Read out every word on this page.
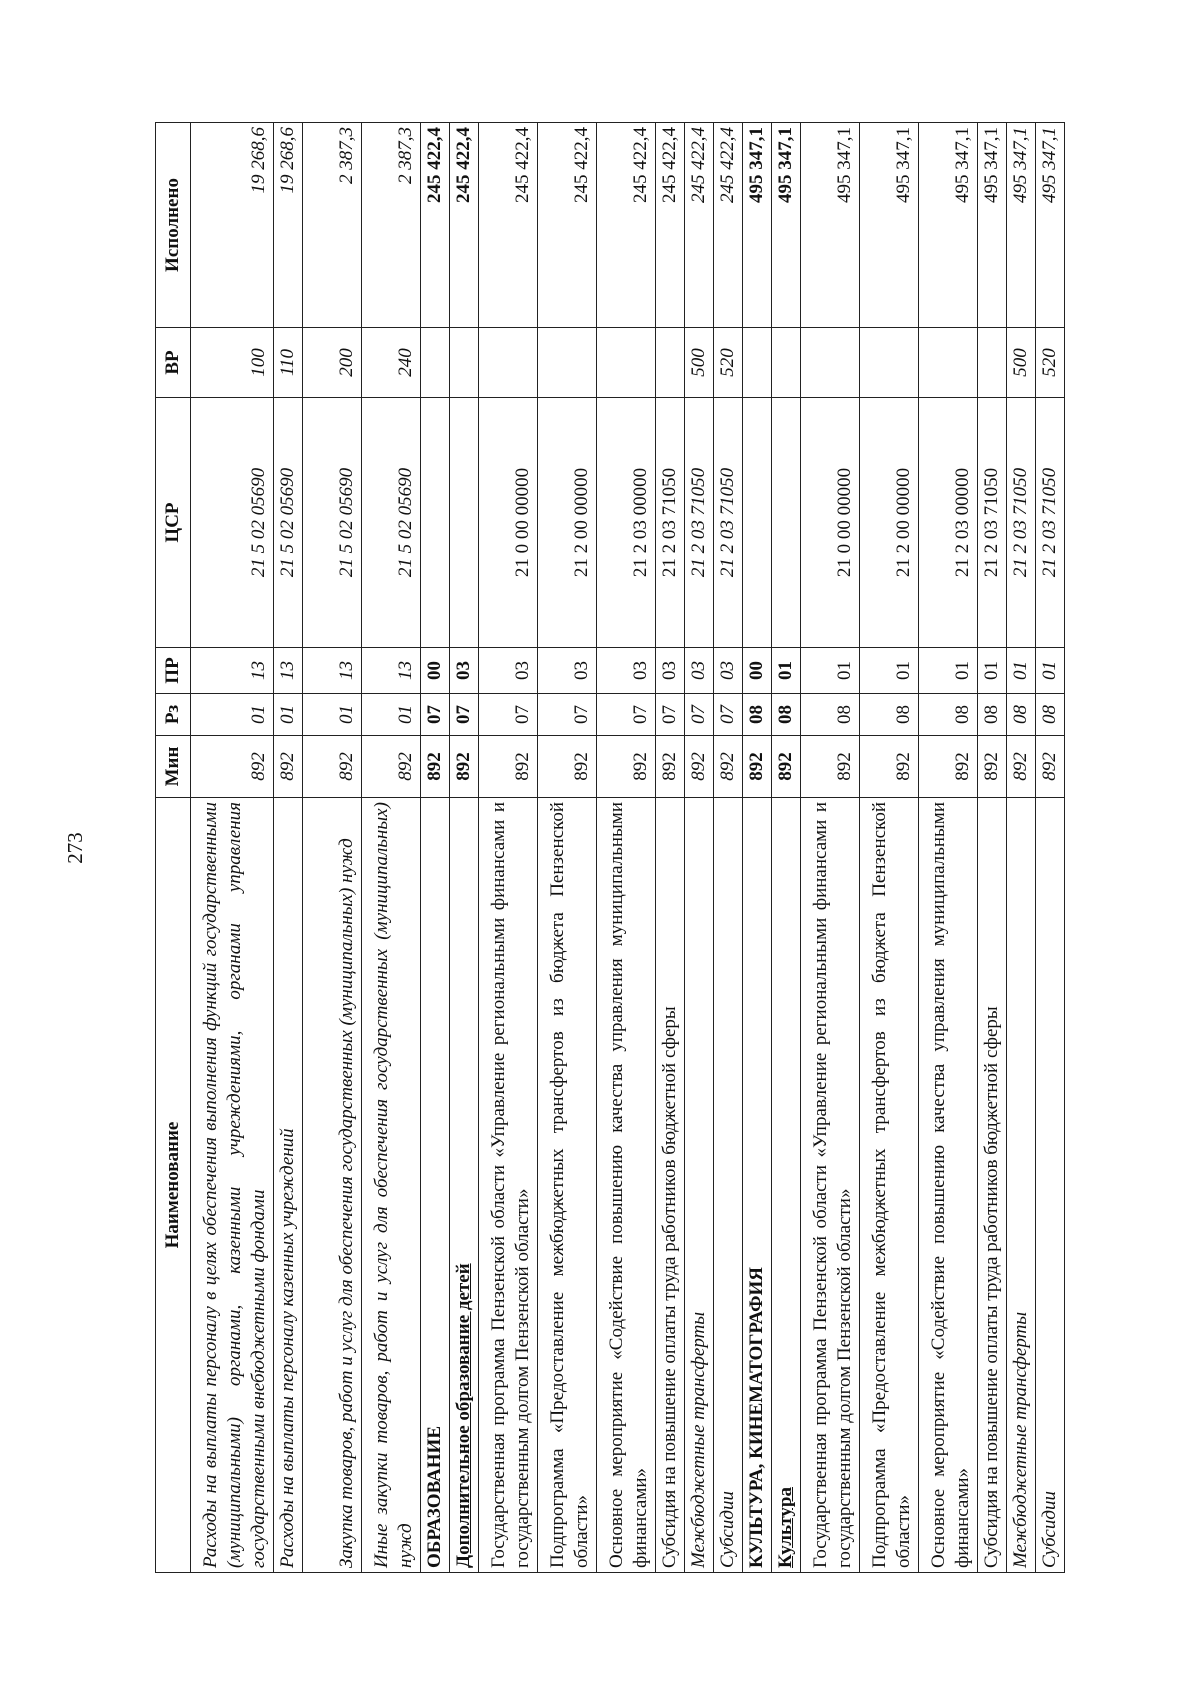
273
Наименование	Мин	Рз	ПР	ЦСР	ВР	Исполнено
Расходы на выплаты персоналу в целях обеспечения выполнения функций государственными (муниципальными) органами, казенными учреждениями, органами управления государственными внебюджетными фондами	892	01	13	21 5 02 05690	100	19 268,6
Расходы на выплаты персоналу казенных учреждений	892	01	13	21 5 02 05690	110	19 268,6
Закупка товаров, работ и услуг для обеспечения государственных (муниципальных) нужд	892	01	13	21 5 02 05690	200	2 387,3
Иные закупки товаров, работ и услуг для обеспечения государственных (муниципальных) нужд	892	01	13	21 5 02 05690	240	2 387,3
ОБРАЗОВАНИЕ	892	07	00			245 422,4
Дополнительное образование детей	892	07	03			245 422,4
Государственная программа Пензенской области «Управление региональными финансами и государственным долгом Пензенской области»	892	07	03	21 0 00 00000		245 422,4
Подпрограмма «Предоставление межбюджетных трансфертов из бюджета Пензенской области»	892	07	03	21 2 00 00000		245 422,4
Основное мероприятие «Содействие повышению качества управления муниципальными финансами»	892	07	03	21 2 03 00000		245 422,4
Субсидия на повышение оплаты труда работников бюджетной сферы	892	07	03	21 2 03 71050		245 422,4
Межбюджетные трансферты	892	07	03	21 2 03 71050	500	245 422,4
Субсидии	892	07	03	21 2 03 71050	520	245 422,4
КУЛЬТУРА, КИНЕМАТОГРАФИЯ	892	08	00			495 347,1
Культура	892	08	01			495 347,1
Государственная программа Пензенской области «Управление региональными финансами и государственным долгом Пензенской области»	892	08	01	21 0 00 00000		495 347,1
Подпрограмма «Предоставление межбюджетных трансфертов из бюджета Пензенской области»	892	08	01	21 2 00 00000		495 347,1
Основное мероприятие «Содействие повышению качества управления муниципальными финансами»	892	08	01	21 2 03 00000		495 347,1
Субсидия на повышение оплаты труда работников бюджетной сферы	892	08	01	21 2 03 71050		495 347,1
Межбюджетные трансферты	892	08	01	21 2 03 71050	500	495 347,1
Субсидии	892	08	01	21 2 03 71050	520	495 347,1
